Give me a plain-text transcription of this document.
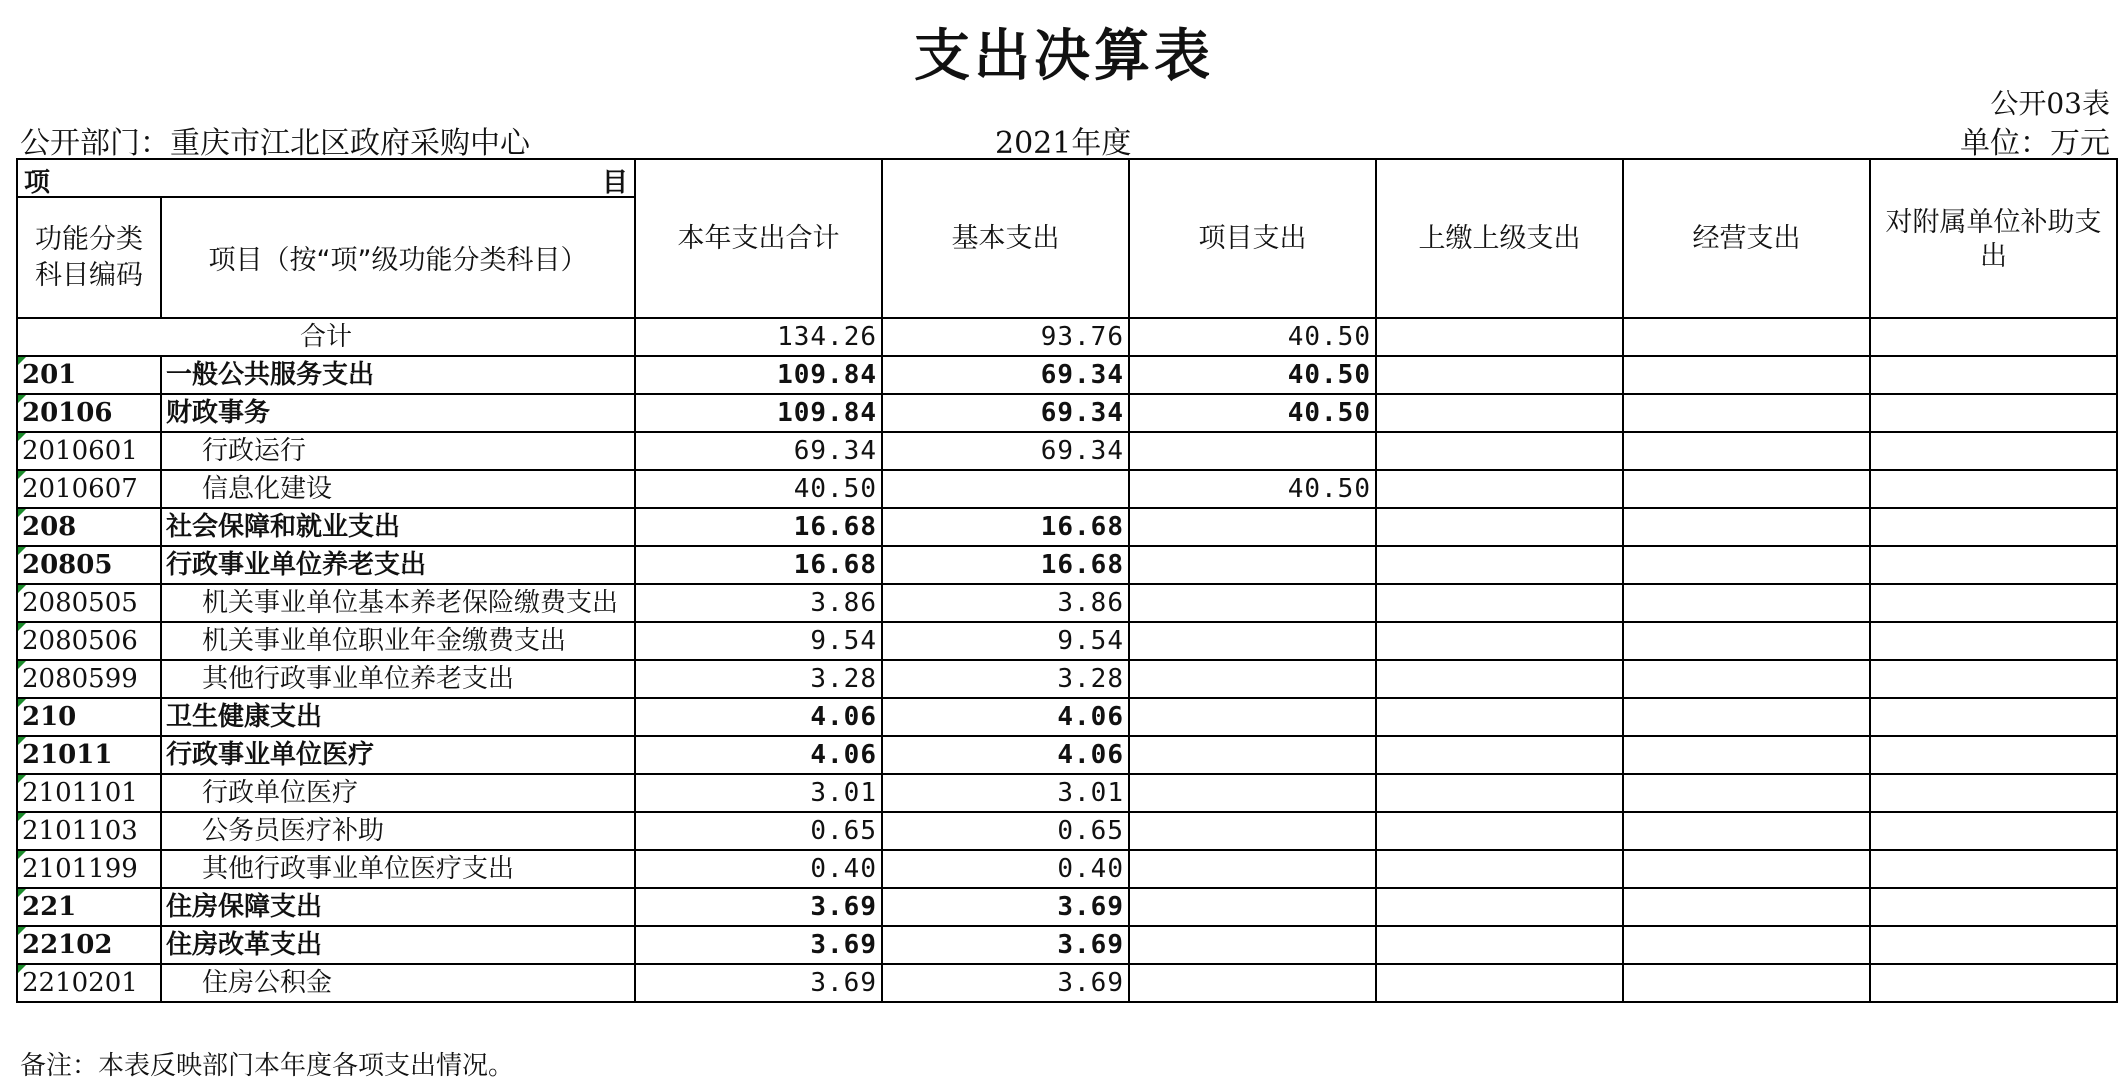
支出决算表
公开03表
公开部门：重庆市江北区政府采购中心	2021年度	单位：万元
项 目		本年支出合计	基本支出	项目支出	上缴上级支出	经营支出	对附属单位补助支出
功能分类科目编码	项目（按“项”级功能分类科目）						
合计		134.26	93.76	40.50			
201	一般公共服务支出	109.84	69.34	40.50			
20106	财政事务	109.84	69.34	40.50			
2010601	行政运行	69.34	69.34				
2010607	信息化建设	40.50		40.50			
208	社会保障和就业支出	16.68	16.68				
20805	行政事业单位养老支出	16.68	16.68				
2080505	机关事业单位基本养老保险缴费支出	3.86	3.86				
2080506	机关事业单位职业年金缴费支出	9.54	9.54				
2080599	其他行政事业单位养老支出	3.28	3.28				
210	卫生健康支出	4.06	4.06				
21011	行政事业单位医疗	4.06	4.06				
2101101	行政单位医疗	3.01	3.01				
2101103	公务员医疗补助	0.65	0.65				
2101199	其他行政事业单位医疗支出	0.40	0.40				
221	住房保障支出	3.69	3.69				
22102	住房改革支出	3.69	3.69				
2210201	住房公积金	3.69	3.69				
备注：本表反映部门本年度各项支出情况。
